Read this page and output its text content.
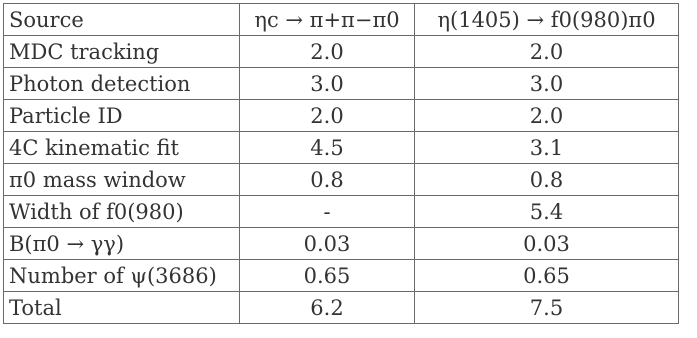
Source	ηc → π+π−π0	η(1405) → f0(980)π0
MDC tracking	2.0	2.0
Photon detection	3.0	3.0
Particle ID	2.0	2.0
4C kinematic fit	4.5	3.1
π0 mass window	0.8	0.8
Width of f0(980)	-	5.4
B(π0 → γγ)	0.03	0.03
Number of ψ(3686)	0.65	0.65
Total	6.2	7.5
